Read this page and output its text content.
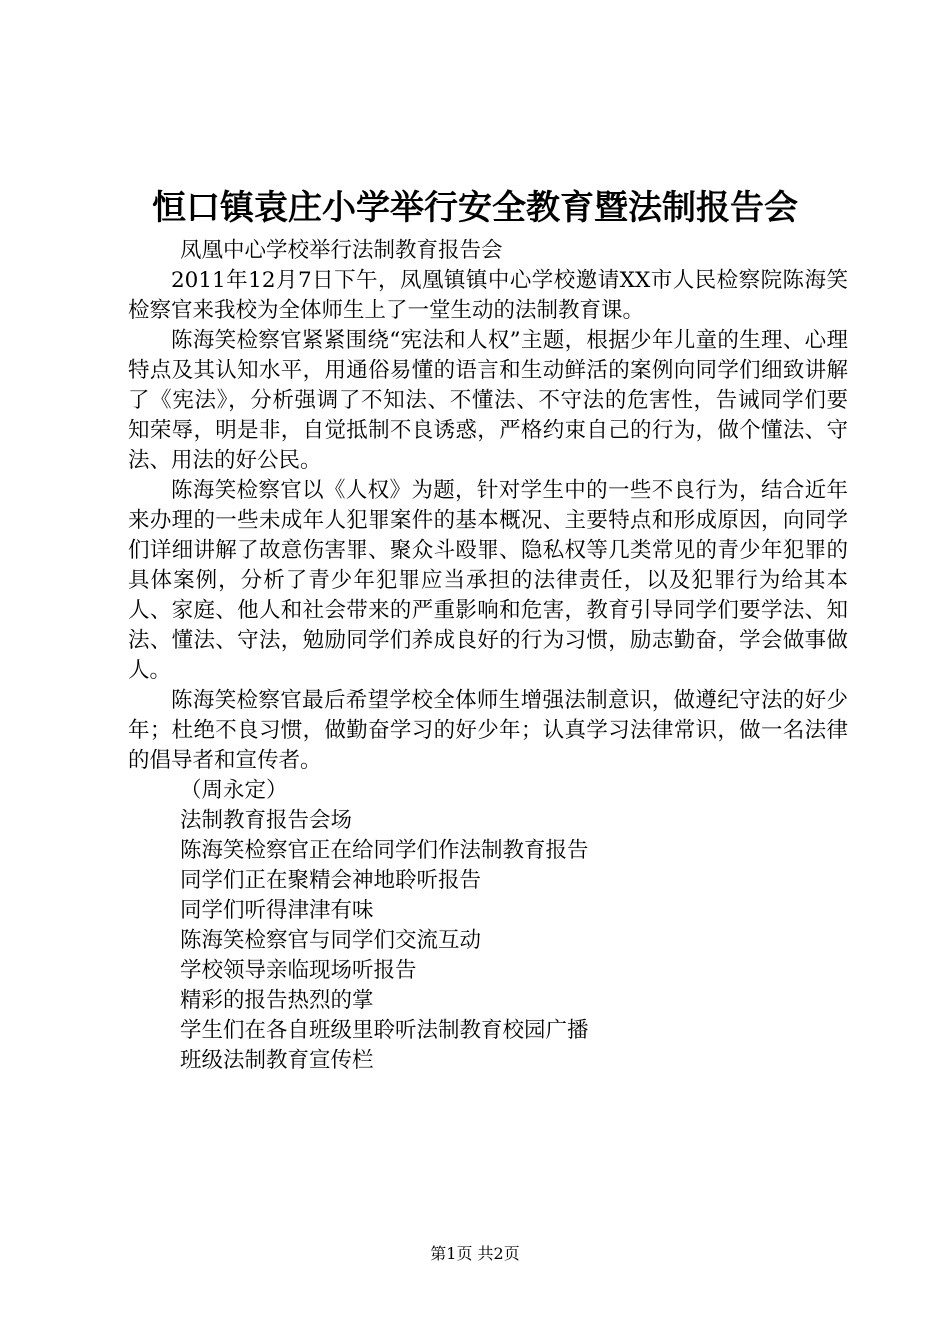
恒口镇袁庄小学举行安全教育暨法制报告会

凤凰中心学校举行法制教育报告会

2011年12月7日下午，凤凰镇镇中心学校邀请XX市人民检察院陈海笑检察官来我校为全体师生上了一堂生动的法制教育课。

陈海笑检察官紧紧围绕“宪法和人权”主题，根据少年儿童的生理、心理特点及其认知水平，用通俗易懂的语言和生动鲜活的案例向同学们细致讲解了《宪法》，分析强调了不知法、不懂法、不守法的危害性，告诫同学们要知荣辱，明是非，自觉抵制不良诱惑，严格约束自己的行为，做个懂法、守法、用法的好公民。

陈海笑检察官以《人权》为题，针对学生中的一些不良行为，结合近年来办理的一些未成年人犯罪案件的基本概况、主要特点和形成原因，向同学们详细讲解了故意伤害罪、聚众斗殴罪、隐私权等几类常见的青少年犯罪的具体案例，分析了青少年犯罪应当承担的法律责任，以及犯罪行为给其本人、家庭、他人和社会带来的严重影响和危害，教育引导同学们要学法、知法、懂法、守法，勉励同学们养成良好的行为习惯，励志勤奋，学会做事做人。

陈海笑检察官最后希望学校全体师生增强法制意识，做遵纪守法的好少年；杜绝不良习惯，做勤奋学习的好少年；认真学习法律常识，做一名法律的倡导者和宣传者。

（周永定）

法制教育报告会场

陈海笑检察官正在给同学们作法制教育报告

同学们正在聚精会神地聆听报告

同学们听得津津有味

陈海笑检察官与同学们交流互动

学校领导亲临现场听报告

精彩的报告热烈的掌

学生们在各自班级里聆听法制教育校园广播

班级法制教育宣传栏

第1页 共2页
